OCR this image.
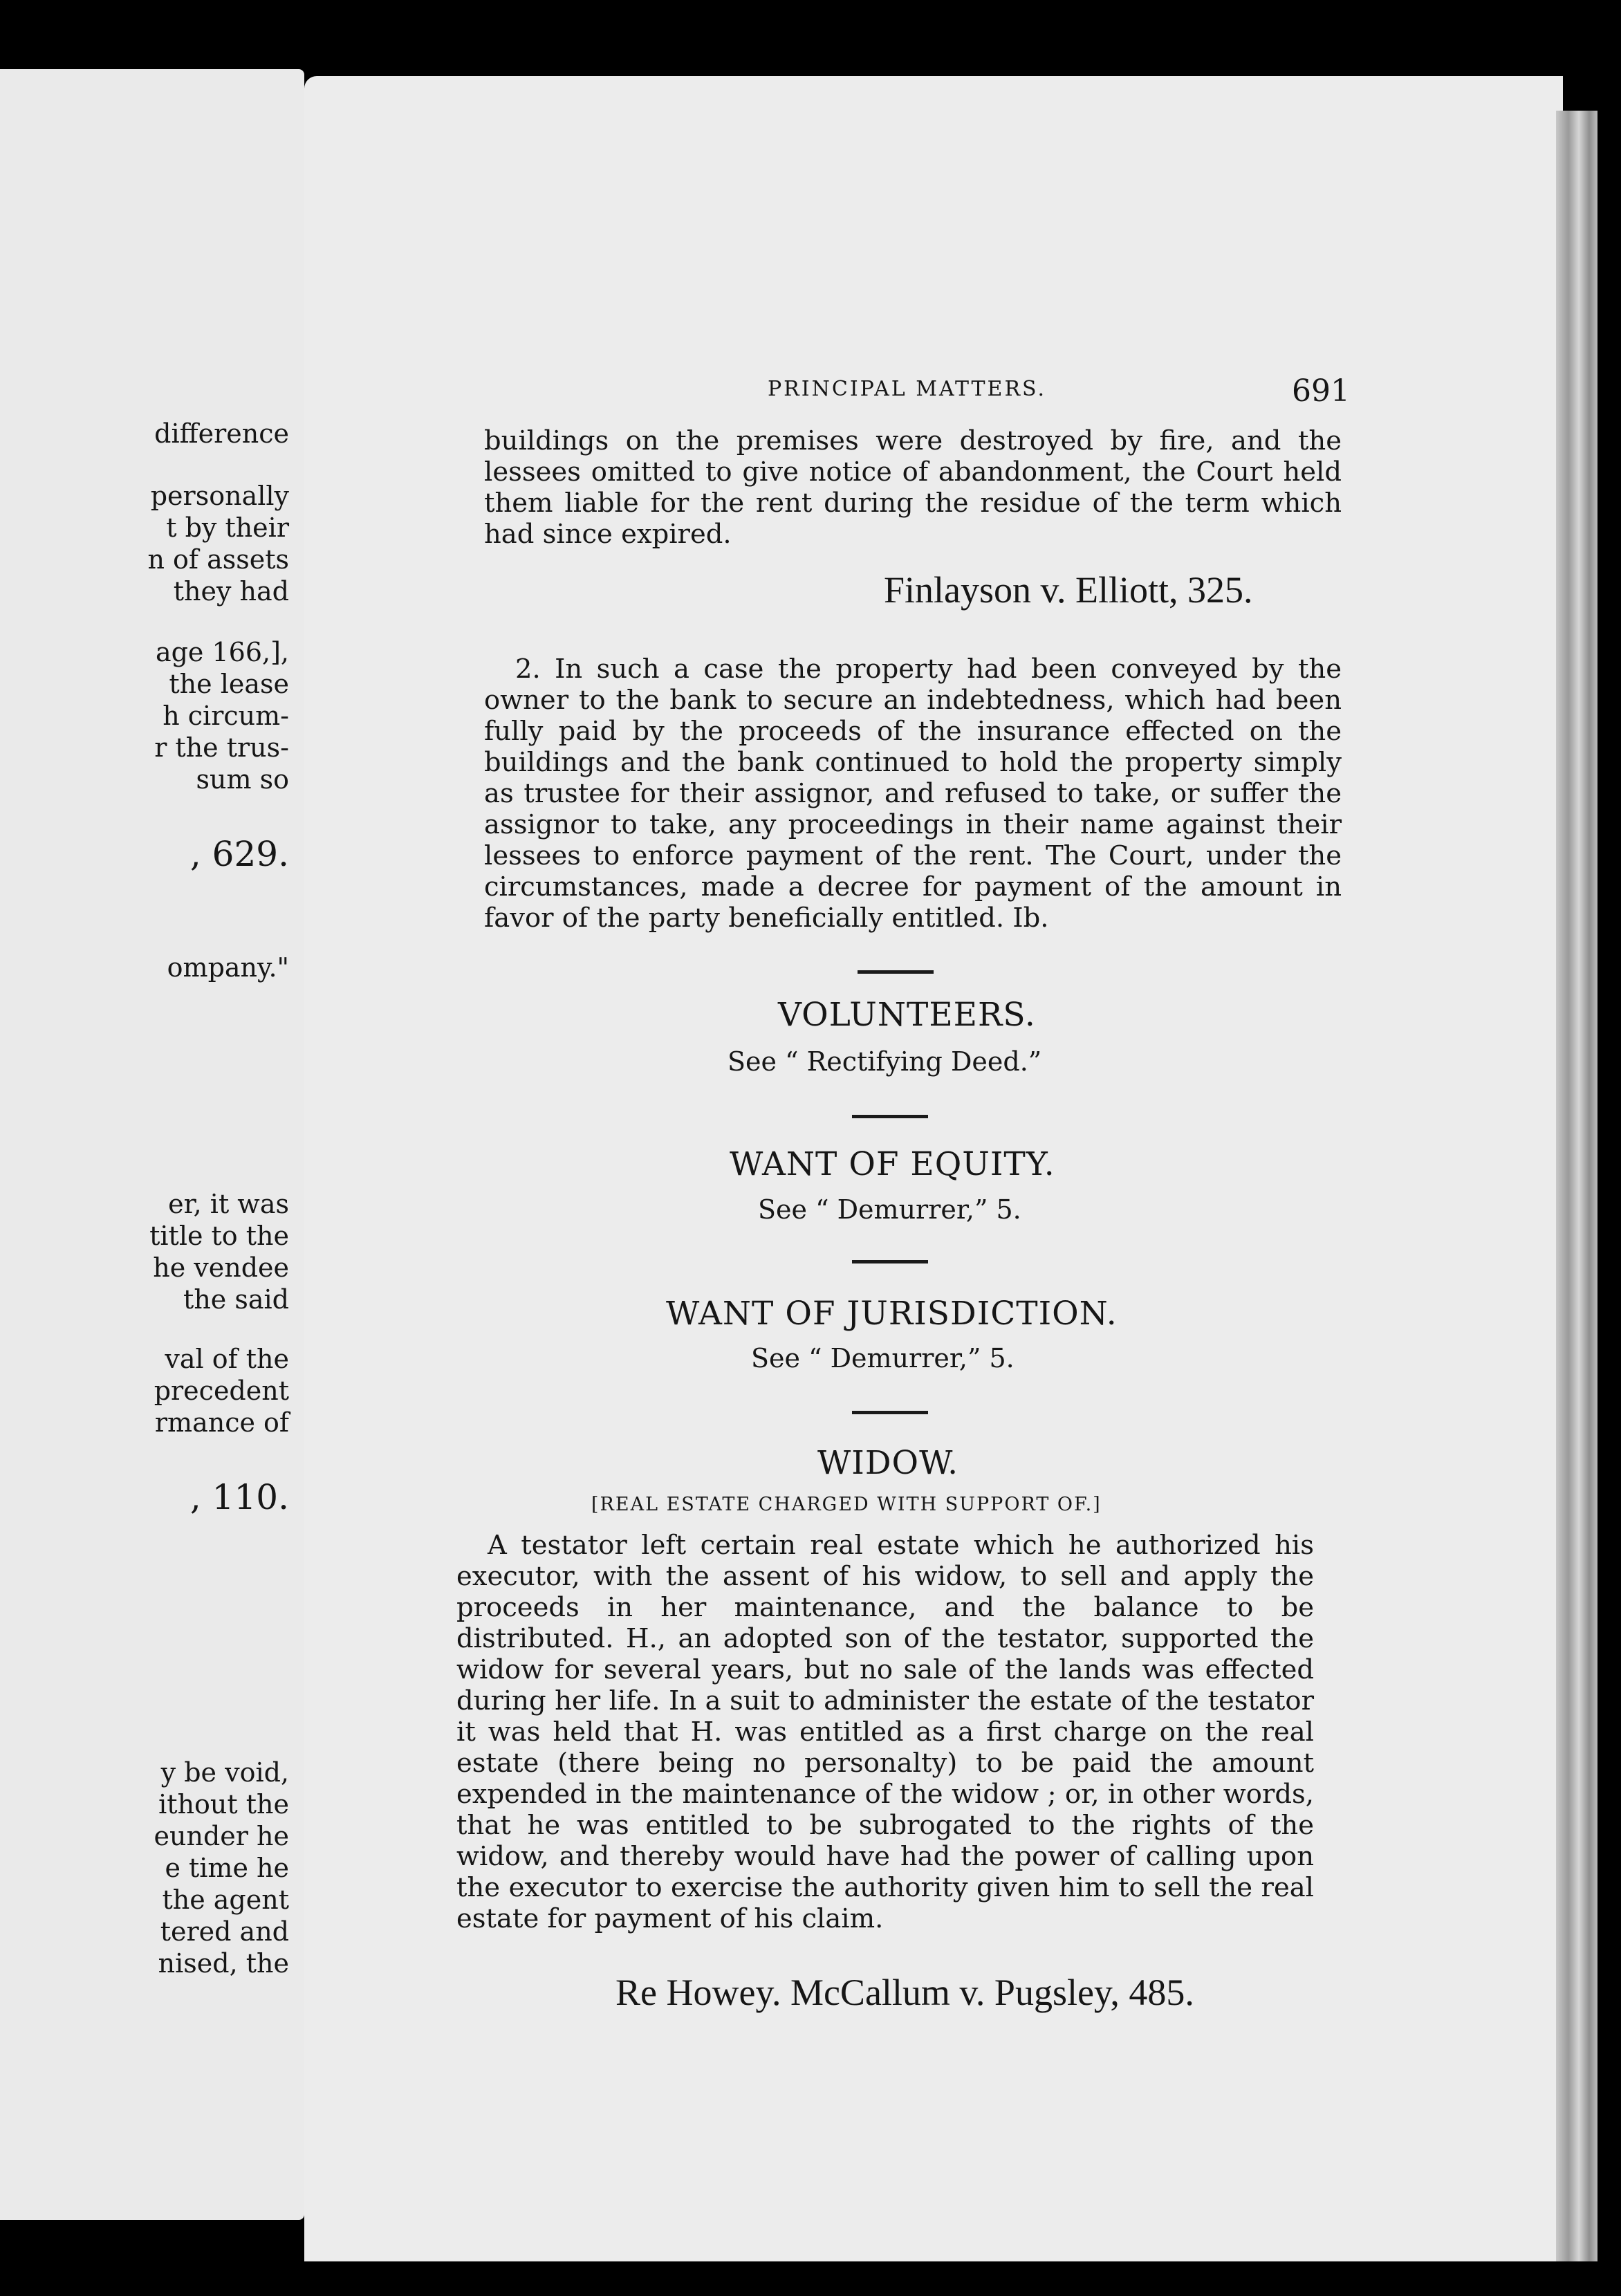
difference
personally
t by their
n of assets
they had
age 166,],
the lease
h circum-
r the trus-
sum so
, 629.
ompany."
er, it was
title to the
he vendee
the said
val of the
precedent
rmance of
, 110.
y be void,
ithout the
eunder he
e time he
the agent
tered and
nised, the
PRINCIPAL MATTERS.	691
buildings on the premises were destroyed by fire, and the lessees omitted to give notice of abandonment, the Court held them liable for the rent during the residue of the term which had since expired.
Finlayson v. Elliott, 325.
2. In such a case the property had been conveyed by the owner to the bank to secure an indebtedness, which had been fully paid by the proceeds of the insurance effected on the buildings and the bank continued to hold the property simply as trustee for their assignor, and refused to take, or suffer the assignor to take, any proceedings in their name against their lessees to enforce payment of the rent. The Court, under the circumstances, made a decree for payment of the amount in favor of the party beneficially entitled. Ib.
VOLUNTEERS.
See “ Rectifying Deed.”
WANT OF EQUITY.
See “ Demurrer,” 5.
WANT OF JURISDICTION.
See “ Demurrer,” 5.
WIDOW.
[REAL ESTATE CHARGED WITH SUPPORT OF.]
A testator left certain real estate which he authorized his executor, with the assent of his widow, to sell and apply the proceeds in her maintenance, and the balance to be distributed. H., an adopted son of the testator, supported the widow for several years, but no sale of the lands was effected during her life. In a suit to administer the estate of the testator it was held that H. was entitled as a first charge on the real estate (there being no personalty) to be paid the amount expended in the maintenance of the widow ; or, in other words, that he was entitled to be subrogated to the rights of the widow, and thereby would have had the power of calling upon the executor to exercise the authority given him to sell the real estate for payment of his claim.
Re Howey. McCallum v. Pugsley, 485.
